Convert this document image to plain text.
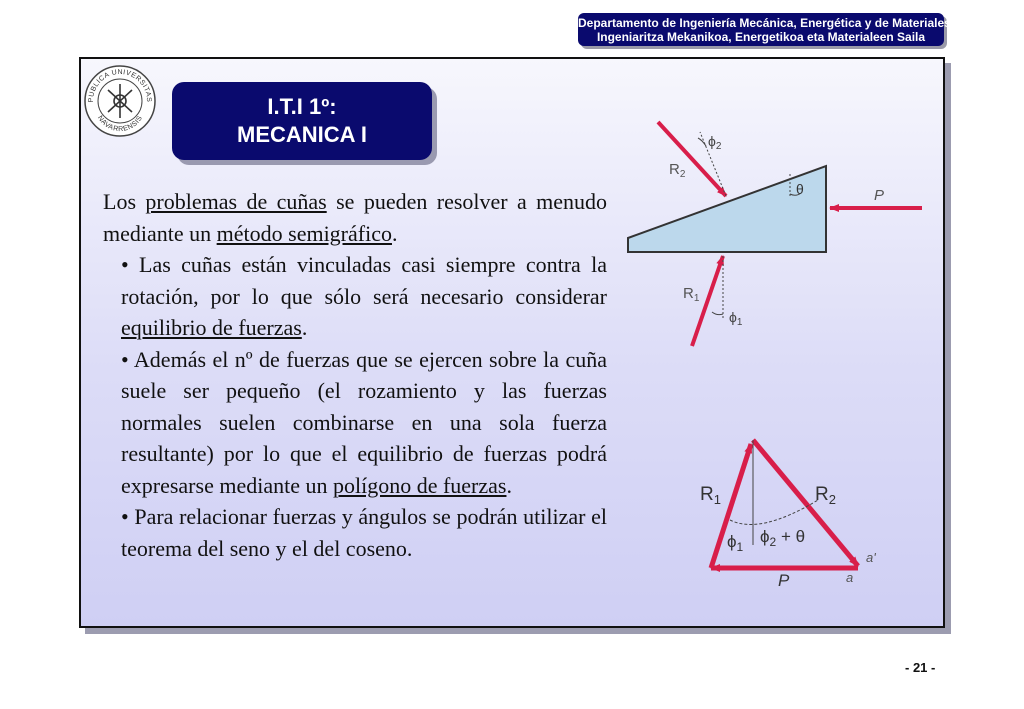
Departamento de Ingeniería Mecánica, Energética y de Materiales
Ingeniaritza Mekanikoa, Energetikoa eta Materialeen Saila
PUBLICA UNIVERSITAS
NAVARRENSIS	I.T.I 1º:
MECANICA I

Los problemas de cuñas se pueden resolver a menudo mediante un método semigráfico.

• Las cuñas están vinculadas casi siempre contra la rotación, por lo que sólo será necesario considerar equilibrio de fuerzas.

• Además el nº de fuerzas que se ejercen sobre la cuña suele ser pequeño (el rozamiento y las fuerzas normales suelen combinarse en una sola fuerza resultante) por lo que el equilibrio de fuerzas podrá expresarse mediante un polígono de fuerzas.

• Para relacionar fuerzas y ángulos se podrán utilizar el teorema del seno y el del coseno.

θ
$\phi_2$
$R_2$
P
$\phi_1$
$R_1$
$R_1$	$R_2$
$\phi_1$
$\phi_2 + \theta$
P
a'
a
- 21 -
